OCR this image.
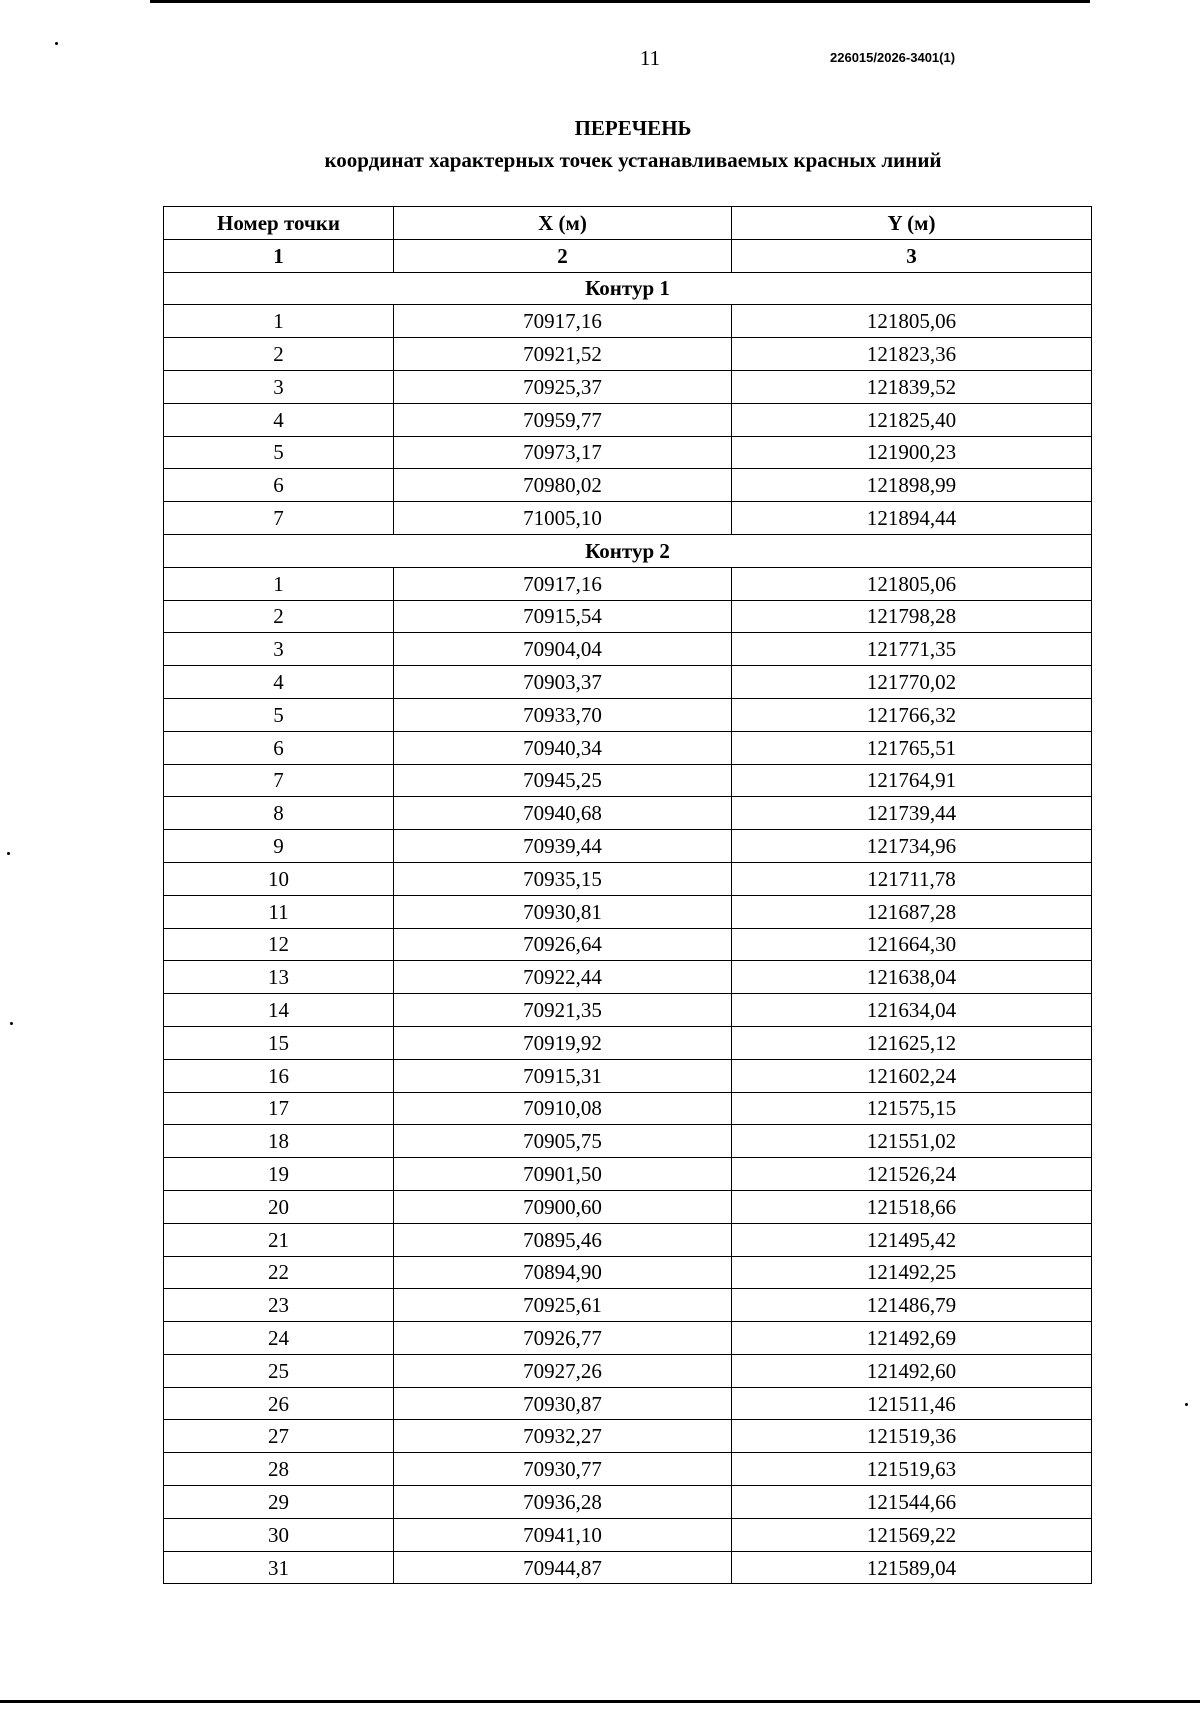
11	226015/2026-3401(1)
ПЕРЕЧЕНЬ
координат характерных точек устанавливаемых красных линий
Номер точки	X (м)	Y (м)
1	2	3
Контур 1		
1	70917,16	121805,06
2	70921,52	121823,36
3	70925,37	121839,52
4	70959,77	121825,40
5	70973,17	121900,23
6	70980,02	121898,99
7	71005,10	121894,44
Контур 2		
1	70917,16	121805,06
2	70915,54	121798,28
3	70904,04	121771,35
4	70903,37	121770,02
5	70933,70	121766,32
6	70940,34	121765,51
7	70945,25	121764,91
8	70940,68	121739,44
9	70939,44	121734,96
10	70935,15	121711,78
11	70930,81	121687,28
12	70926,64	121664,30
13	70922,44	121638,04
14	70921,35	121634,04
15	70919,92	121625,12
16	70915,31	121602,24
17	70910,08	121575,15
18	70905,75	121551,02
19	70901,50	121526,24
20	70900,60	121518,66
21	70895,46	121495,42
22	70894,90	121492,25
23	70925,61	121486,79
24	70926,77	121492,69
25	70927,26	121492,60
26	70930,87	121511,46
27	70932,27	121519,36
28	70930,77	121519,63
29	70936,28	121544,66
30	70941,10	121569,22
31	70944,87	121589,04
